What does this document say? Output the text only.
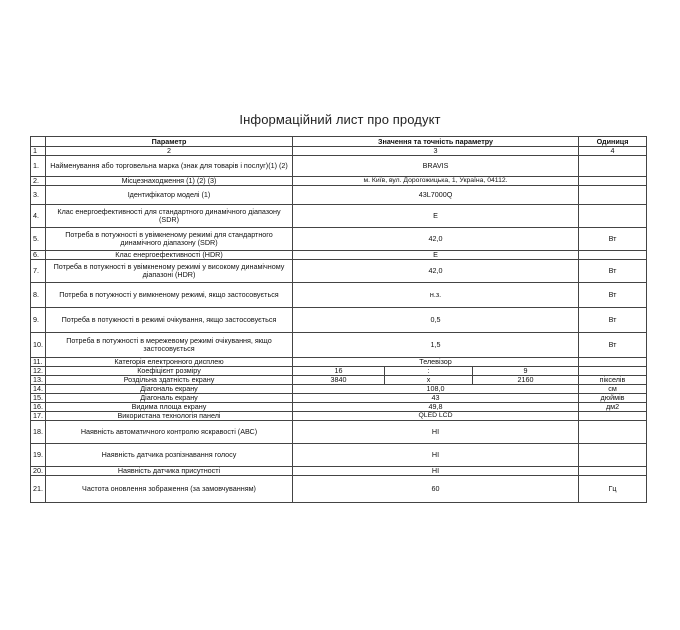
Інформаційний лист про продукт
	Параметр	Значення та точність параметру			Одиниця
1	2	3			4
1.	Найменування або торговельна марка (знак для товарів і послуг)(1) (2)	BRAVIS			
2.	Місцезнаходження (1) (2) (3)	м. Київ, вул. Дорогожицька, 1, Україна, 04112.			
3.	Ідентифікатор моделі (1)	43L7000Q			
4.	Клас енергоефективності для стандартного динамічного діапазону (SDR)	E			
5.	Потреба в потужності в увімкненому режимі для стандартного динамічного діапазону (SDR)	42,0			Вт
6.	Клас енергоефективності (HDR)	E			
7.	Потреба в потужності в увімкненому режимі у високому динамічному діапазоні (HDR)	42,0			Вт
8.	Потреба в потужності у вимкненому режимі, якщо застосовується	н.з.			Вт
9.	Потреба в потужності в режимі очікування, якщо застосовується	0,5			Вт
10.	Потреба в потужності в мережевому режимі очікування, якщо застосовується	1,5			Вт
11.	Категорія електронного дисплею	Телевізор			
12.	Коефіцієнт розміру	16	:	9	
13.	Роздільна здатність екрану	3840	x	2160	пікселів
14.	Діагональ екрану	108,0			см
15.	Діагональ екрану	43			дюймів
16.	Видима площа екрану	49,8			дм2
17.	Використана технологія панелі	QLED LCD			
18.	Наявність автоматичного контролю яскравості (АВС)	НІ			
19.	Наявність датчика розпізнавання голосу	НІ			
20.	Наявність датчика присутності	НІ			
21.	Частота оновлення зображення (за замовчуванням)	60			Гц
